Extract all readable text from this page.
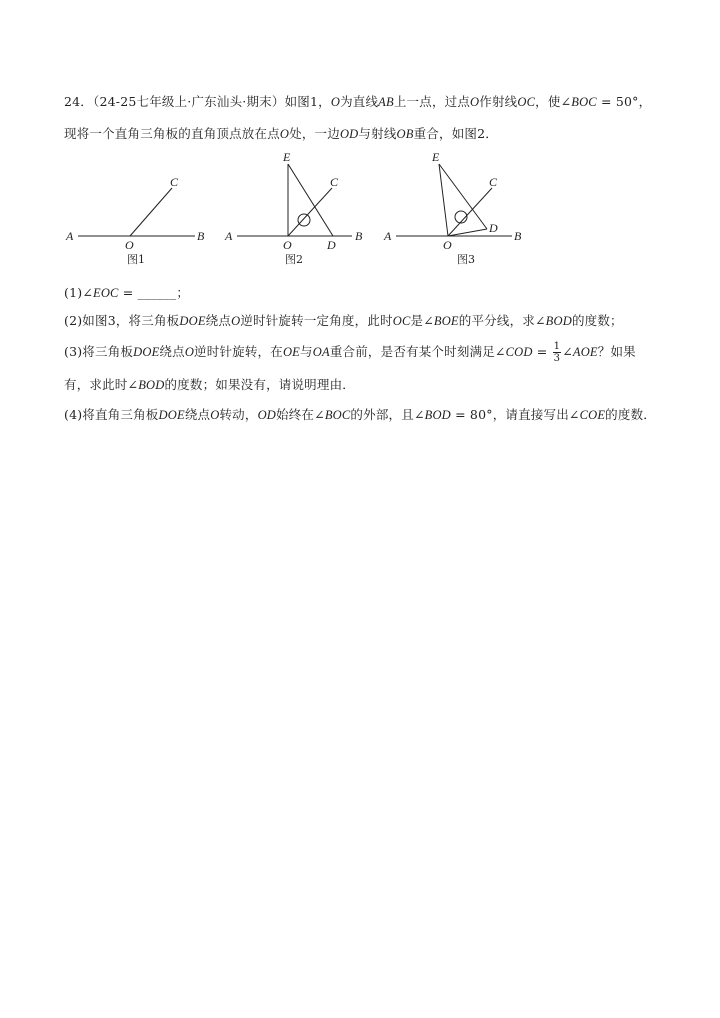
24．（24-25七年级上·广东汕头·期末）如图1，O为直线AB上一点，过点O作射线OC，使∠BOC = 50°，
现将一个直角三角板的直角顶点放在点O处，一边OD与射线OB重合，如图2．
A	B
O
C
图1
A	B
O	D
C
E
图2
A	B
O
D
C
E
图3
(1)∠EOC = ______；
(2)如图3，将三角板DOE绕点O逆时针旋转一定角度，此时OC是∠BOE的平分线，求∠BOD的度数；
(3)将三角板DOE绕点O逆时针旋转，在OE与OA重合前，是否有某个时刻满足∠COD = $\frac{1}{3}$ ∠AOE？如果
有，求此时∠BOD的度数；如果没有，请说明理由．
(4)将直角三角板DOE绕点O转动，OD始终在∠BOC的外部，且∠BOD = 80°，请直接写出∠COE的度数．
